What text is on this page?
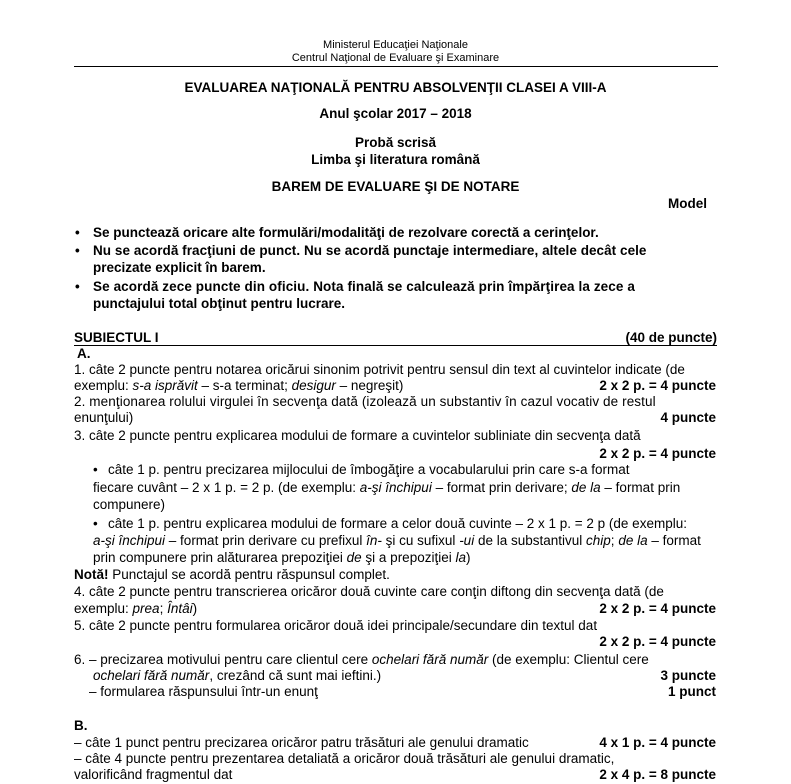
Ministerul Educaţiei Naţionale
Centrul Naţional de Evaluare şi Examinare
EVALUAREA NAŢIONALĂ PENTRU ABSOLVENŢII CLASEI A VIII-A
Anul şcolar 2017 – 2018
Probă scrisă
Limba şi literatura română
BAREM DE EVALUARE ŞI DE NOTARE
Model
• Se punctează oricare alte formulări/modalităţi de rezolvare corectă a cerinţelor.
• Nu se acordă fracţiuni de punct. Nu se acordă punctaje intermediare, altele decât cele
precizate explicit în barem.
• Se acordă zece puncte din oficiu. Nota finală se calculează prin împărţirea la zece a
punctajului total obţinut pentru lucrare.
SUBIECTUL I	(40 de puncte)
A.
1. câte 2 puncte pentru notarea oricărui sinonim potrivit pentru sensul din text al cuvintelor indicate (de
exemplu: s-a isprăvit – s-a terminat; desigur – negreşit)	2 x 2 p. = 4 puncte
2. menţionarea rolului virgulei în secvenţa dată (izolează un substantiv în cazul vocativ de restul
enunţului)	4 puncte
3. câte 2 puncte pentru explicarea modului de formare a cuvintelor subliniate din secvenţa dată
2 x 2 p. = 4 puncte
• câte 1 p. pentru precizarea mijlocului de îmbogăţire a vocabularului prin care s-a format
fiecare cuvânt – 2 x 1 p. = 2 p. (de exemplu: a-şi închipui – format prin derivare; de la – format prin
compunere)
• câte 1 p. pentru explicarea modului de formare a celor două cuvinte – 2 x 1 p. = 2 p (de exemplu:
a-şi închipui – format prin derivare cu prefixul în- şi cu sufixul -ui de la substantivul chip; de la – format
prin compunere prin alăturarea prepoziţiei de şi a prepoziţiei la)
Notă! Punctajul se acordă pentru răspunsul complet.
4. câte 2 puncte pentru transcrierea oricăror două cuvinte care conţin diftong din secvenţa dată (de
exemplu: prea; Întâi)	2 x 2 p. = 4 puncte
5. câte 2 puncte pentru formularea oricăror două idei principale/secundare din textul dat
2 x 2 p. = 4 puncte
6. – precizarea motivului pentru care clientul cere ochelari fără număr (de exemplu: Clientul cere
ochelari fără număr, crezând că sunt mai ieftini.)	3 puncte
– formularea răspunsului într-un enunţ	1 punct
B.
– câte 1 punct pentru precizarea oricăror patru trăsături ale genului dramatic	4 x 1 p. = 4 puncte
– câte 4 puncte pentru prezentarea detaliată a oricăror două trăsături ale genului dramatic,
valorificând fragmentul dat	2 x 4 p. = 8 puncte
